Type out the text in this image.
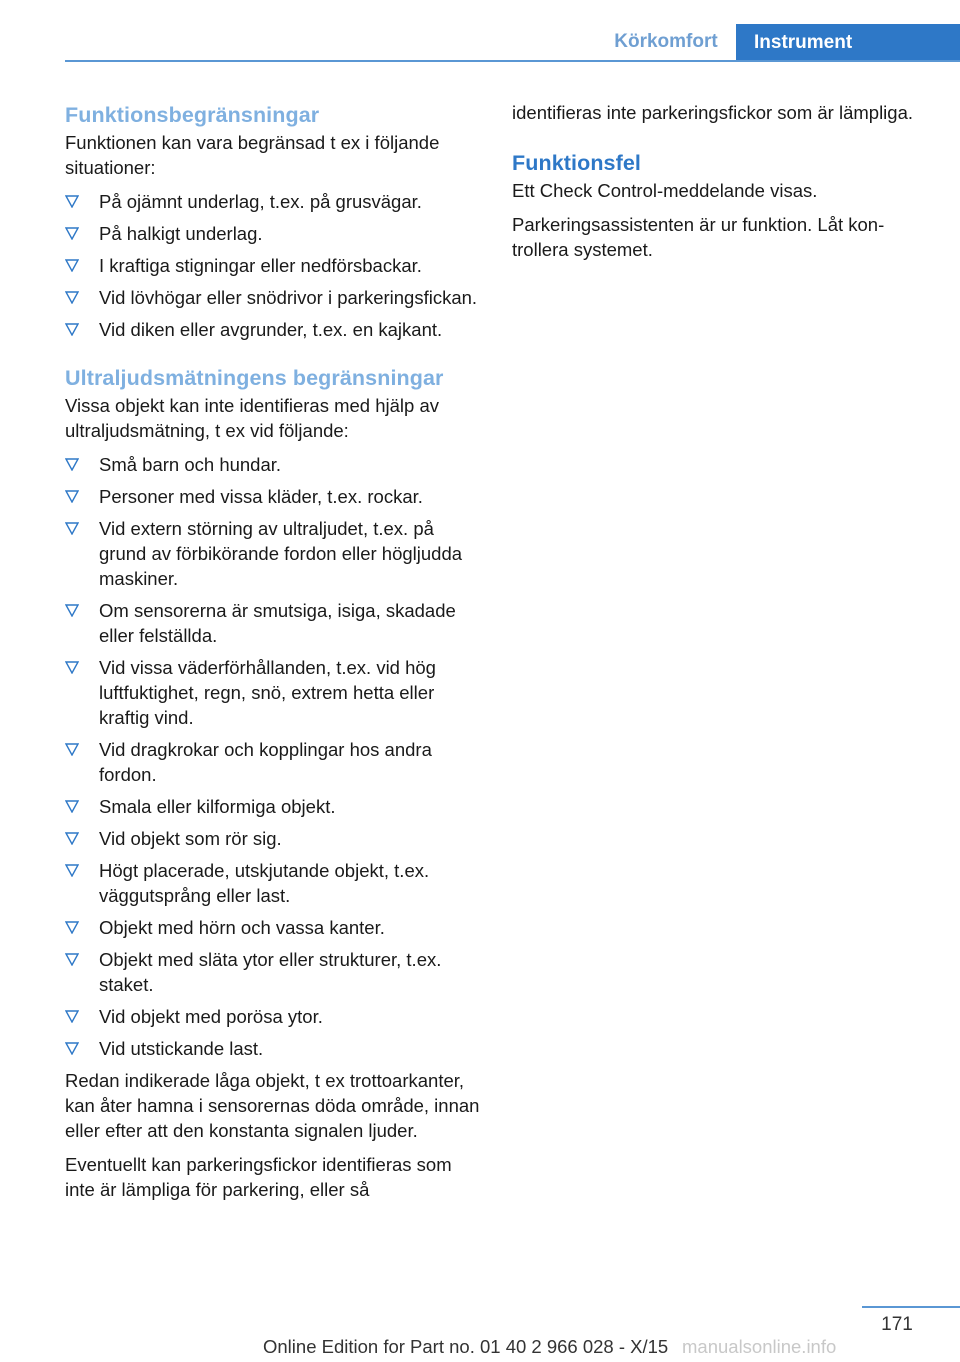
Körkomfort	Instrument
Funktionsbegränsningar

Funktionen kan vara begränsad t ex i följande situationer:

På ojämnt underlag, t.ex. på grusvägar.
På halkigt underlag.
I kraftiga stigningar eller nedförsbackar.
Vid lövhögar eller snödrivor i parkeringsfickan.
Vid diken eller avgrunder, t.ex. en kajkant.
Ultraljudsmätningens begränsningar

Vissa objekt kan inte identifieras med hjälp av ultraljudsmätning, t ex vid följande:

Små barn och hundar.
Personer med vissa kläder, t.ex. rockar.
Vid extern störning av ultraljudet, t.ex. på grund av förbikörande fordon eller högljudda maskiner.
Om sensorerna är smutsiga, isiga, skadade eller felställda.
Vid vissa väderförhållanden, t.ex. vid hög luftfuktighet, regn, snö, extrem hetta eller kraftig vind.
Vid dragkrokar och kopplingar hos andra fordon.
Smala eller kilformiga objekt.
Vid objekt som rör sig.
Högt placerade, utskjutande objekt, t.ex. väggutsprång eller last.
Objekt med hörn och vassa kanter.
Objekt med släta ytor eller strukturer, t.ex. staket.
Vid objekt med porösa ytor.
Vid utstickande last.

Redan indikerade låga objekt, t ex trottoarkanter, kan åter hamna i sensorernas döda område, innan eller efter att den konstanta signalen ljuder.

Eventuellt kan parkeringsfickor identifieras som inte är lämpliga för parkering, eller så

identifieras inte parkeringsfickor som är lämpliga.

Funktionsfel

Ett Check Control-meddelande visas.

Parkeringsassistenten är ur funktion. Låt kontrollera systemet.

171
Online Edition for Part no. 01 40 2 966 028 - X/15 manualsonline.info
